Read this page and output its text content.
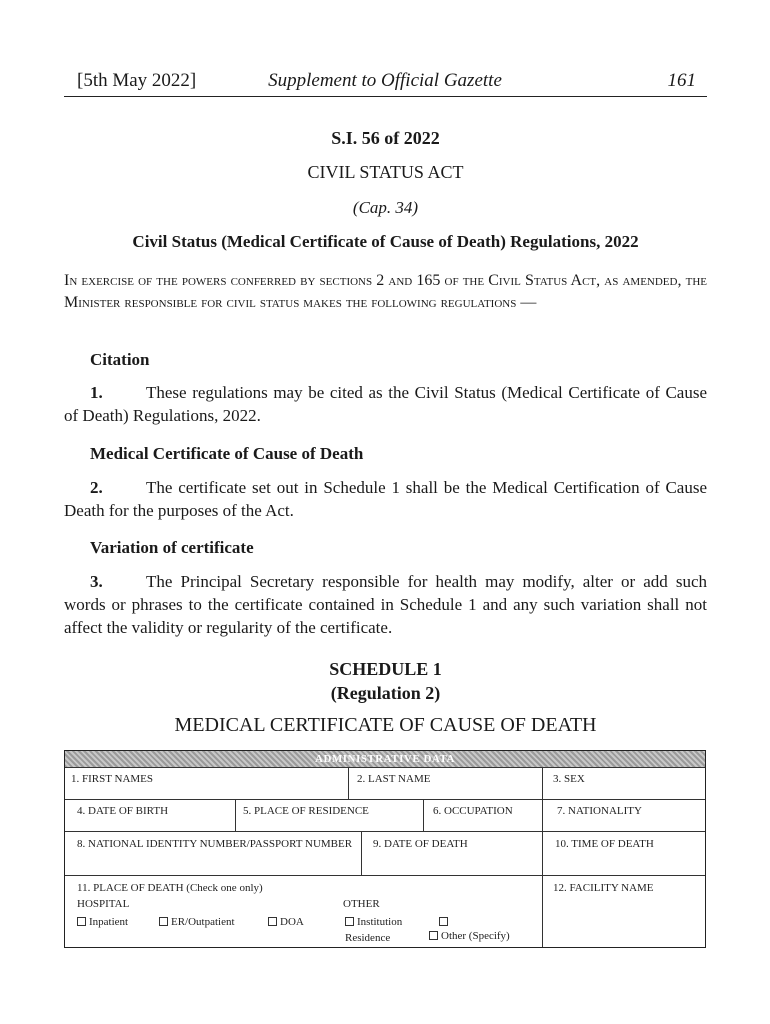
[5th May 2022]	Supplement to Official Gazette	161
S.I. 56 of 2022
CIVIL STATUS ACT
(Cap. 34)
Civil Status (Medical Certificate of Cause of Death) Regulations, 2022
In exercise of the powers conferred by sections 2 and 165 of the Civil Status Act, as amended, the Minister responsible for civil status makes the following regulations —
Citation
1.	These regulations may be cited as the Civil Status (Medical Certificate of Cause of Death) Regulations, 2022.
Medical Certificate of Cause of Death
2.	The certificate set out in Schedule 1 shall be the Medical Certification of Cause Death for the purposes of the Act.
Variation of certificate
3.	The Principal Secretary responsible for health may modify, alter or add such words or phrases to the certificate contained in Schedule 1 and any such variation shall not affect the validity or regularity of the certificate.
SCHEDULE 1
(Regulation 2)
MEDICAL CERTIFICATE OF CAUSE OF DEATH
ADMINISTRATIVE DATA
1. FIRST NAMES	2. LAST NAME	3. SEX
4. DATE OF BIRTH	5. PLACE OF RESIDENCE	6. OCCUPATION	7. NATIONALITY
8. NATIONAL IDENTITY NUMBER/PASSPORT NUMBER	9. DATE OF DEATH	10. TIME OF DEATH
11. PLACE OF DEATH (Check one only)
HOSPITAL	OTHER
12. FACILITY NAME
Inpatient	ER/Outpatient	DOA	Institution
Residence	Other (Specify)
